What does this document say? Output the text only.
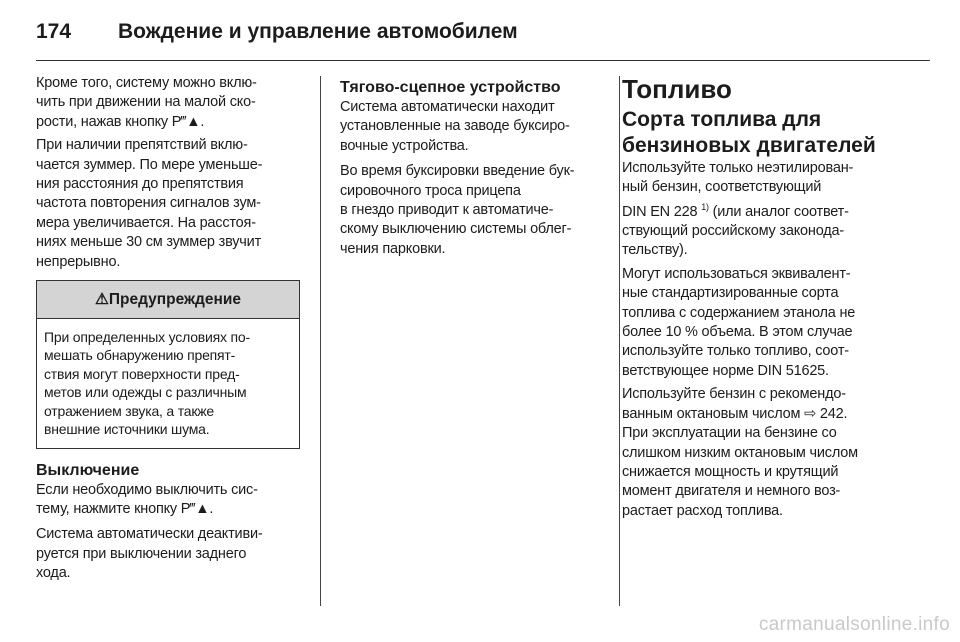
174 Вождение и управление автомобилем
Кроме того, систему можно вклю-
чить при движении на малой ско-
рости, нажав кнопку P‴▲.
При наличии препятствий вклю-
чается зуммер. По мере уменьше-
ния расстояния до препятствия
частота повторения сигналов зум-
мера увеличивается. На расстоя-
ниях меньше 30 см зуммер звучит
непрерывно.
⚠ Предупреждение
При определенных условиях по-
мешать обнаружению препят-
ствия могут поверхности пред-
метов или одежды с различным
отражением звука, а также
внешние источники шума.
Выключение
Если необходимо выключить сис-
тему, нажмите кнопку P‴▲.
Система автоматически деактиви-
руется при выключении заднего
хода.
Тягово-сцепное устройство
Система автоматически находит
установленные на заводе буксиро-
вочные устройства.
Во время буксировки введение бук-
сировочного троса прицепа
в гнездо приводит к автоматиче-
скому выключению системы облег-
чения парковки.
Топливо
Сорта топлива для
бензиновых двигателей
Используйте только неэтилирован-
ный бензин, соответствующий
DIN EN 228 $^{1)}$ (или аналог соответ-
ствующий российскому законода-
тельству).
Могут использоваться эквивалент-
ные стандартизированные сорта
топлива с содержанием этанола не
более 10 % объема. В этом случае
используйте только топливо, соот-
ветствующее норме DIN 51625.
Используйте бензин с рекомендо-
ванным октановым числом ⇨ 242.
При эксплуатации на бензине со
слишком низким октановым числом
снижается мощность и крутящий
момент двигателя и немного воз-
растает расход топлива.
carmanualsonline.info
